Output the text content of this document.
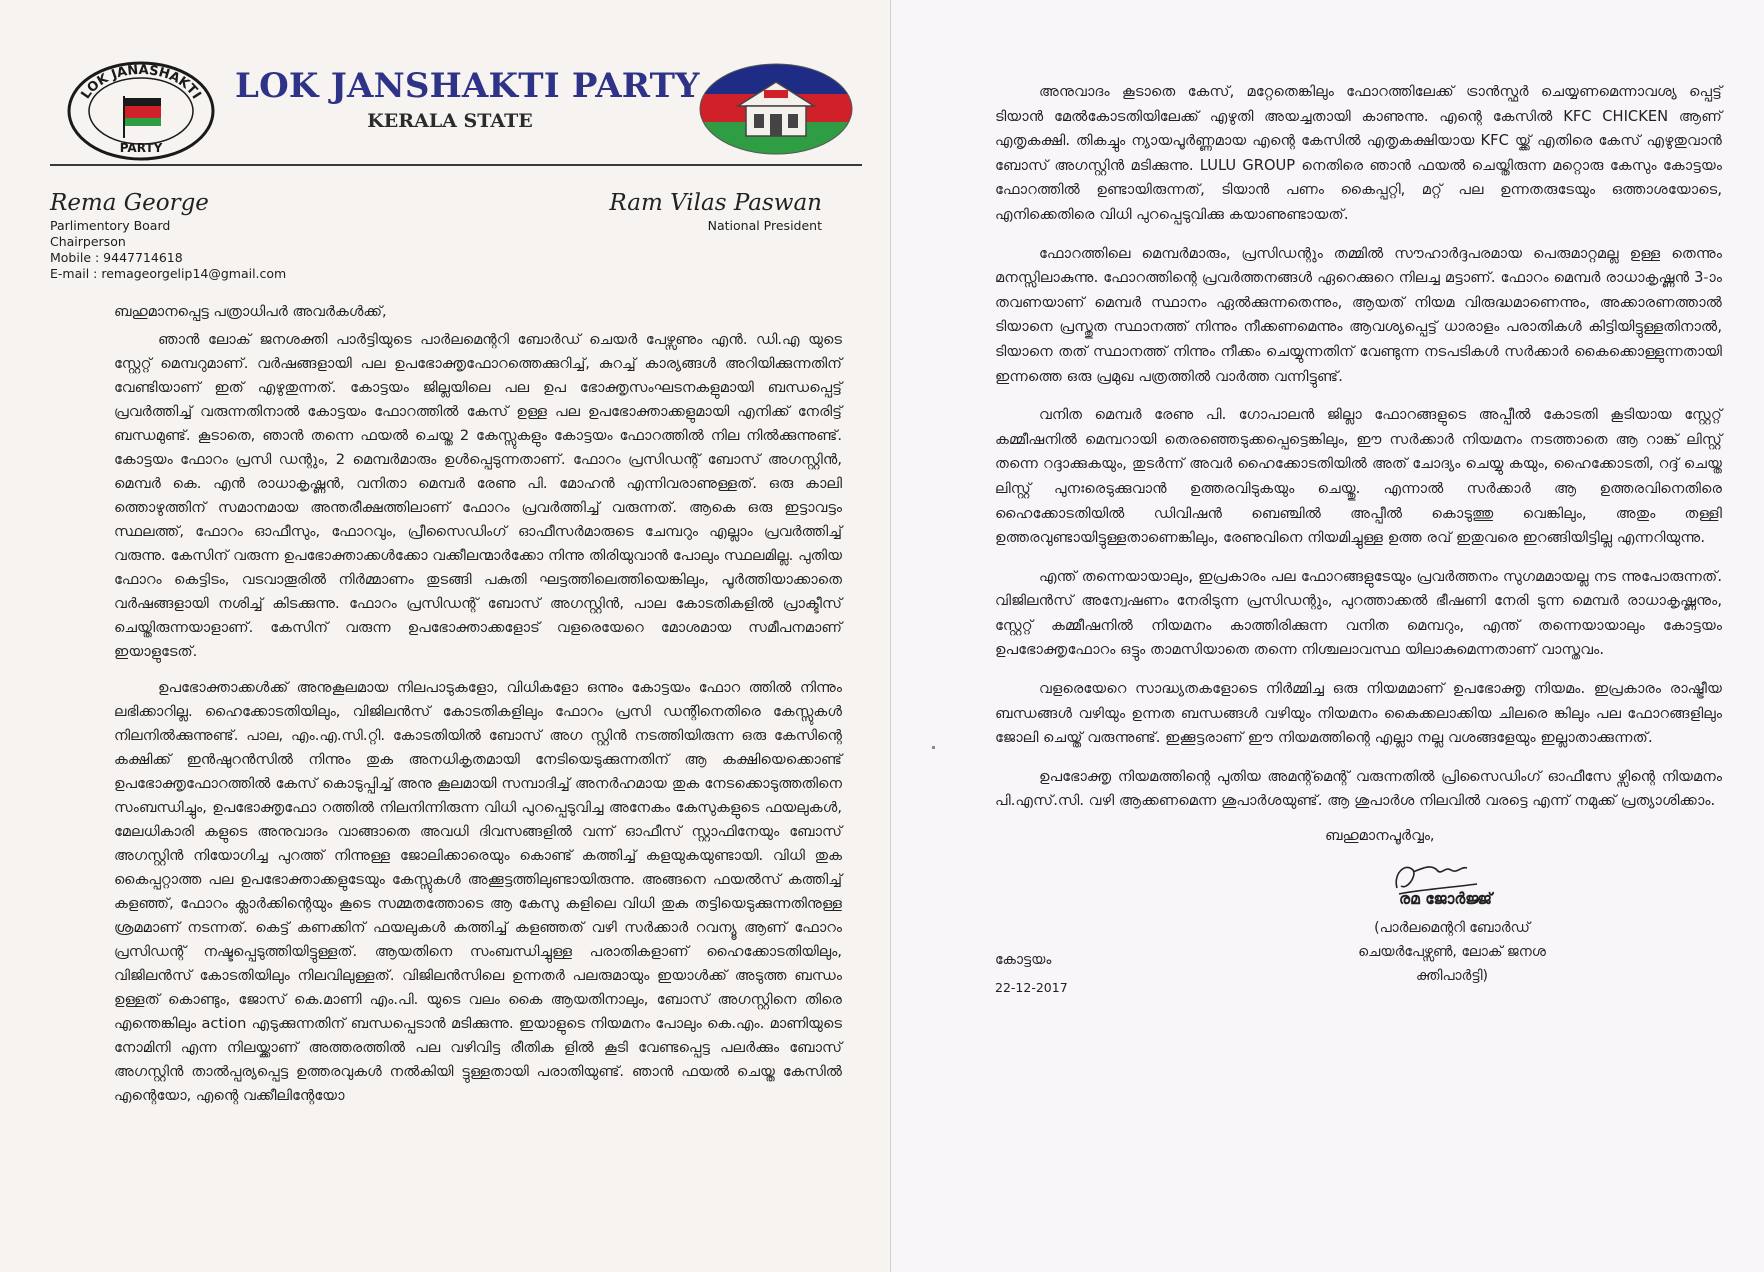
LOK JANASHAKTI
PARTY
LOK JANSHAKTI PARTY
KERALA STATE
Rema George
Parlimentory Board
Chairperson
Mobile : 9447714618
E-mail : remageorgelip14@gmail.com
Ram Vilas Paswan
National President
ബഹുമാനപ്പെട്ട പത്രാധിപർ അവർകൾക്ക്,

ഞാൻ ലോക് ജനശക്തി പാർട്ടിയുടെ പാർലമെന്ററി ബോർഡ് ചെയർ പേഴ്സണും എൻ. ഡി.എ യുടെ സ്റ്റേറ്റ് മെമ്പറുമാണ്. വർഷങ്ങളായി പല ഉപഭോക്തൃഫോറത്തെക്കുറിച്ച്, കുറച്ച് കാര്യങ്ങൾ അറിയിക്കുന്നതിന് വേണ്ടിയാണ് ഇത് എഴുതുന്നത്. കോട്ടയം ജില്ലയിലെ പല ഉപ ഭോക്തൃസംഘടനകളുമായി ബന്ധപ്പെട്ട് പ്രവർത്തിച്ച് വരുന്നതിനാൽ കോട്ടയം ഫോറത്തിൽ കേസ് ഉള്ള പല ഉപഭോക്താക്കളുമായി എനിക്ക് നേരിട്ട് ബന്ധമുണ്ട്. കൂടാതെ, ഞാൻ തന്നെ ഫയൽ ചെയ്ത 2 കേസ്സുകളും കോട്ടയം ഫോറത്തിൽ നില നിൽക്കുന്നുണ്ട്. കോട്ടയം ഫോറം പ്രസി ഡന്റും, 2 മെമ്പർമാരും ഉൾപ്പെടുന്നതാണ്. ഫോറം പ്രസിഡന്റ് ബോസ് അഗസ്റ്റിൻ, മെമ്പർ കെ. എൻ രാധാകൃഷ്ണൻ, വനിതാ മെമ്പർ രേണു പി. മോഹൻ എന്നിവരാണുള്ളത്. ഒരു കാലി ത്തൊഴുത്തിന് സമാനമായ അന്തരീക്ഷത്തിലാണ് ഫോറം പ്രവർത്തിച്ച് വരുന്നത്. ആകെ ഒരു ഇട്ടാവട്ടം സ്ഥലത്ത്, ഫോറം ഓഫീസും, ഫോറവും, പ്രീസൈഡിംഗ് ഓഫീസർമാരുടെ ചേമ്പറും എല്ലാം പ്രവർത്തിച്ച് വരുന്നു. കേസിന് വരുന്ന ഉപഭോക്താക്കൾക്കോ വക്കീലന്മാർക്കോ നിന്നു തിരിയുവാൻ പോലും സ്ഥലമില്ല. പുതിയ ഫോറം കെട്ടിടം, വടവാതൂരിൽ നിർമ്മാണം തുടങ്ങി പകുതി ഘട്ടത്തിലെത്തിയെങ്കിലും, പൂർത്തിയാക്കാതെ വർഷങ്ങളായി നശിച്ച് കിടക്കുന്നു. ഫോറം പ്രസിഡന്റ് ബോസ് അഗസ്റ്റിൻ, പാല കോടതികളിൽ പ്രാക്ടീസ് ചെയ്തിരുന്നയാളാണ്. കേസിന് വരുന്ന ഉപഭോക്താക്കളോട് വളരെയേറെ മോശമായ സമീപനമാണ് ഇയാളുടേത്.

ഉപഭോക്താക്കൾക്ക് അനുകൂലമായ നിലപാടുകളോ, വിധികളോ ഒന്നും കോട്ടയം ഫോറ ത്തിൽ നിന്നും ലഭിക്കാറില്ല. ഹൈക്കോടതിയിലും, വിജിലൻസ് കോടതികളിലും ഫോറം പ്രസി ഡന്റിനെതിരെ കേസ്സുകൾ നിലനിൽക്കുന്നുണ്ട്. പാല, എം.എ.സി.റ്റി. കോടതിയിൽ ബോസ് അഗ സ്റ്റിൻ നടത്തിയിരുന്ന ഒരു കേസിന്റെ കക്ഷിക്ക് ഇൻഷുറൻസിൽ നിന്നും തുക അനധികൃതമായി നേടിയെടുക്കുന്നതിന് ആ കക്ഷിയെക്കൊണ്ട് ഉപഭോക്തൃഫോറത്തിൽ കേസ് കൊടുപ്പിച്ച് അനു കൂലമായി സമ്പാദിച്ച് അനർഹമായ തുക നേടക്കൊടുത്തതിനെ സംബന്ധിച്ചും, ഉപഭോക്തൃഫോ റത്തിൽ നിലനിന്നിരുന്ന വിധി പുറപ്പെടുവിച്ച അനേകം കേസുകളുടെ ഫയലുകൾ, മേലധികാരി കളുടെ അനുവാദം വാങ്ങാതെ അവധി ദിവസങ്ങളിൽ വന്ന് ഓഫീസ് സ്റ്റാഫിനേയും ബോസ് അഗസ്റ്റിൻ നിയോഗിച്ച പുറത്ത് നിന്നുള്ള ജോലിക്കാരെയും കൊണ്ട് കത്തിച്ച് കളയുകയുണ്ടായി. വിധി തുക കൈപ്പറ്റാത്ത പല ഉപഭോക്താക്കളുടേയും കേസ്സുകൾ അക്കൂട്ടത്തിലുണ്ടായിരുന്നു. അങ്ങനെ ഫയൽസ് കത്തിച്ച് കളഞ്ഞ്, ഫോറം ക്ലാർക്കിന്റെയും കൂടെ സമ്മതത്തോടെ ആ കേസു കളിലെ വിധി തുക തട്ടിയെടുക്കുന്നതിനുള്ള ശ്രമമാണ് നടന്നത്. കെട്ട് കണക്കിന് ഫയലുകൾ കത്തിച്ച് കളഞ്ഞത് വഴി സർക്കാർ റവന്യൂ ആണ് ഫോറം പ്രസിഡന്റ് നഷ്ടപ്പെടുത്തിയിട്ടുള്ളത്. ആയതിനെ സംബന്ധിച്ചുള്ള പരാതികളാണ് ഹൈക്കോടതിയിലും, വിജിലൻസ് കോടതിയിലും നിലവിലുള്ളത്. വിജിലൻസിലെ ഉന്നതർ പലരുമായും ഇയാൾക്ക് അടുത്ത ബന്ധം ഉള്ളത് കൊണ്ടും, ജോസ് കെ.മാണി എം.പി. യുടെ വലം കൈ ആയതിനാലും, ബോസ് അഗസ്റ്റിനെ തിരെ എന്തെങ്കിലും action എടുക്കുന്നതിന് ബന്ധപ്പെടാൻ മടിക്കുന്നു. ഇയാളുടെ നിയമനം പോലും കെ.എം. മാണിയുടെ നോമിനി എന്ന നിലയ്ക്കാണ് അത്തരത്തിൽ പല വഴിവിട്ട രീതിക ളിൽ കൂടി വേണ്ടപ്പെട്ട പലർക്കും ബോസ് അഗസ്റ്റിൻ താൽപ്പര്യപ്പെട്ട ഉത്തരവുകൾ നൽകിയി ട്ടുള്ളതായി പരാതിയുണ്ട്. ഞാൻ ഫയൽ ചെയ്ത കേസിൽ എന്റെയോ, എന്റെ വക്കീലിന്റേയോ

അനുവാദം കൂടാതെ കേസ്, മറ്റേതെങ്കിലും ഫോറത്തിലേക്ക് ട്രാൻസ്ഫർ ചെയ്യണമെന്നാവശ്യ പ്പെട്ട് ടിയാൻ മേൽകോടതിയിലേക്ക് എഴുതി അയച്ചതായി കാണുന്നു. എന്റെ കേസിൽ KFC CHICKEN ആണ് എതൃകക്ഷി. തികച്ചും ന്യായപൂർണ്ണമായ എന്റെ കേസിൽ എതൃകക്ഷിയായ KFC യ്ക്ക് എതിരെ കേസ് എഴുതുവാൻ ബോസ് അഗസ്റ്റിൻ മടിക്കുന്നു. LULU GROUP നെതിരെ ഞാൻ ഫയൽ ചെയ്തിരുന്ന മറ്റൊരു കേസും കോട്ടയം ഫോറത്തിൽ ഉണ്ടായിരുന്നത്, ടിയാൻ പണം കൈപ്പറ്റി, മറ്റ് പല ഉന്നതരുടേയും ഒത്താശയോടെ, എനിക്കെതിരെ വിധി പുറപ്പെടുവിക്കു കയാണുണ്ടായത്.

ഫോറത്തിലെ മെമ്പർമാരും, പ്രസിഡന്റും തമ്മിൽ സൗഹാർദ്ദപരമായ പെരുമാറ്റമല്ല ഉള്ള തെന്നും മനസ്സിലാകുന്നു. ഫോറത്തിന്റെ പ്രവർത്തനങ്ങൾ ഏറെക്കുറെ നിലച്ച മട്ടാണ്. ഫോറം മെമ്പർ രാധാകൃഷ്ണൻ 3-ാം തവണയാണ് മെമ്പർ സ്ഥാനം ഏൽക്കുന്നതെന്നും, ആയത് നിയമ വിരുദ്ധമാണെന്നും, അക്കാരണത്താൽ ടിയാനെ പ്രസ്തുത സ്ഥാനത്ത് നിന്നും നീക്കണമെന്നും ആവശ്യപ്പെട്ട് ധാരാളം പരാതികൾ കിട്ടിയിട്ടുള്ളതിനാൽ, ടിയാനെ തത് സ്ഥാനത്ത് നിന്നും നീക്കം ചെയ്യുന്നതിന് വേണ്ടുന്ന നടപടികൾ സർക്കാർ കൈക്കൊള്ളുന്നതായി ഇന്നത്തെ ഒരു പ്രമുഖ പത്രത്തിൽ വാർത്ത വന്നിട്ടുണ്ട്.

വനിത മെമ്പർ രേണു പി. ഗോപാലൻ ജില്ലാ ഫോറങ്ങളുടെ അപ്പീൽ കോടതി കൂടിയായ സ്റ്റേറ്റ് കമ്മീഷനിൽ മെമ്പറായി തെരഞ്ഞെടുക്കപ്പെട്ടെങ്കിലും, ഈ സർക്കാർ നിയമനം നടത്താതെ ആ റാങ്ക് ലിസ്റ്റ് തന്നെ റദ്ദാക്കുകയും, തുടർന്ന് അവർ ഹൈക്കോടതിയിൽ അത് ചോദ്യം ചെയ്യു കയും, ഹൈക്കോടതി, റദ്ദ് ചെയ്ത ലിസ്റ്റ് പുനഃരെടുക്കുവാൻ ഉത്തരവിടുകയും ചെയ്തു. എന്നാൽ സർക്കാർ ആ ഉത്തരവിനെതിരെ ഹൈക്കോടതിയിൽ ഡിവിഷൻ ബെഞ്ചിൽ അപ്പീൽ കൊടുത്തു വെങ്കിലും, അതും തള്ളി ഉത്തരവുണ്ടായിട്ടുള്ളതാണെങ്കിലും, രേണുവിനെ നിയമിച്ചുള്ള ഉത്ത രവ് ഇതുവരെ ഇറങ്ങിയിട്ടില്ല എന്നറിയുന്നു.

എന്ത് തന്നെയായാലും, ഇപ്രകാരം പല ഫോറങ്ങളുടേയും പ്രവർത്തനം സുഗമമായല്ല നട ന്നുപോരുന്നത്. വിജിലൻസ് അന്വേഷണം നേരിടുന്ന പ്രസിഡന്റും, പുറത്താക്കൽ ഭീഷണി നേരി ടുന്ന മെമ്പർ രാധാകൃഷ്ണനും, സ്റ്റേറ്റ് കമ്മീഷനിൽ നിയമനം കാത്തിരിക്കുന്ന വനിത മെമ്പറും, എന്ത് തന്നെയായാലും കോട്ടയം ഉപഭോക്തൃഫോറം ഒട്ടും താമസിയാതെ തന്നെ നിശ്ചലാവസ്ഥ യിലാകുമെന്നതാണ് വാസ്തവം.

വളരെയേറെ സാദ്ധ്യതകളോടെ നിർമ്മിച്ച ഒരു നിയമമാണ് ഉപഭോക്തൃ നിയമം. ഇപ്രകാരം രാഷ്ട്രീയ ബന്ധങ്ങൾ വഴിയും ഉന്നത ബന്ധങ്ങൾ വഴിയും നിയമനം കൈക്കലാക്കിയ ചിലരെ ങ്കിലും പല ഫോറങ്ങളിലും ജോലി ചെയ്ത് വരുന്നുണ്ട്. ഇക്കൂട്ടരാണ് ഈ നിയമത്തിന്റെ എല്ലാ നല്ല വശങ്ങളേയും ഇല്ലാതാക്കുന്നത്.

ഉപഭോക്തൃ നിയമത്തിന്റെ പുതിയ അമന്റ്മെന്റ് വരുന്നതിൽ പ്രിസൈഡിംഗ് ഓഫീസേ ഴ്സിന്റെ നിയമനം പി.എസ്.സി. വഴി ആക്കണമെന്ന ശുപാർശയുണ്ട്. ആ ശുപാർശ നിലവിൽ വരട്ടെ എന്ന് നമുക്ക് പ്രത്യാശിക്കാം.

ബഹുമാനപൂർവ്വം,
രമ ജോർജ്ജ്
(പാർലമെന്ററി ബോർഡ്
ചെയർപേഴ്സൺ, ലോക് ജനശ
ക്തിപാർട്ടി)
കോട്ടയം
22-12-2017
